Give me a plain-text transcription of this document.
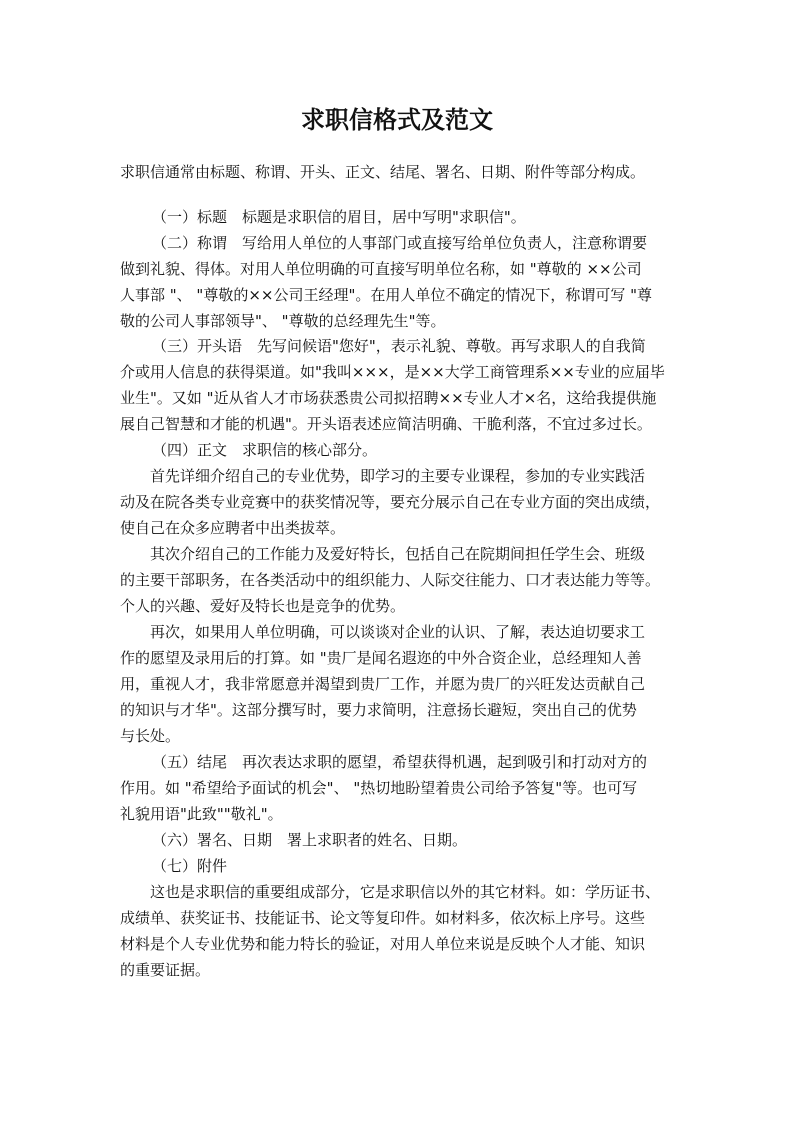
求职信格式及范文
求职信通常由标题、称谓、开头、正文、结尾、署名、日期、附件等部分构成。
（一）标题　标题是求职信的眉目，居中写明"求职信"。
（二）称谓　写给用人单位的人事部门或直接写给单位负责人，注意称谓要
做到礼貌、得体。对用人单位明确的可直接写明单位名称，如 "尊敬的 ××公司
人事部 "、 "尊敬的××公司王经理"。在用人单位不确定的情况下，称谓可写 "尊
敬的公司人事部领导"、 "尊敬的总经理先生"等。
（三）开头语　先写问候语"您好"，表示礼貌、尊敬。再写求职人的自我简
介或用人信息的获得渠道。如"我叫×××，是××大学工商管理系××专业的应届毕
业生"。又如 "近从省人才市场获悉贵公司拟招聘××专业人才×名，这给我提供施
展自己智慧和才能的机遇"。开头语表述应简洁明确、干脆利落，不宜过多过长。
（四）正文　求职信的核心部分。
首先详细介绍自己的专业优势，即学习的主要专业课程，参加的专业实践活
动及在院各类专业竞赛中的获奖情况等，要充分展示自己在专业方面的突出成绩，
使自己在众多应聘者中出类拔萃。
其次介绍自己的工作能力及爱好特长，包括自己在院期间担任学生会、班级
的主要干部职务，在各类活动中的组织能力、人际交往能力、口才表达能力等等。
个人的兴趣、爱好及特长也是竞争的优势。
再次，如果用人单位明确，可以谈谈对企业的认识、了解，表达迫切要求工
作的愿望及录用后的打算。如 "贵厂是闻名遐迩的中外合资企业，总经理知人善
用，重视人才，我非常愿意并渴望到贵厂工作，并愿为贵厂的兴旺发达贡献自己
的知识与才华"。这部分撰写时，要力求简明，注意扬长避短，突出自己的优势
与长处。
（五）结尾　再次表达求职的愿望，希望获得机遇，起到吸引和打动对方的
作用。如 "希望给予面试的机会"、 "热切地盼望着贵公司给予答复"等。也可写
礼貌用语"此致""敬礼"。
（六）署名、日期　署上求职者的姓名、日期。
（七）附件
这也是求职信的重要组成部分，它是求职信以外的其它材料。如：学历证书、
成绩单、获奖证书、技能证书、论文等复印件。如材料多，依次标上序号。这些
材料是个人专业优势和能力特长的验证，对用人单位来说是反映个人才能、知识
的重要证据。
